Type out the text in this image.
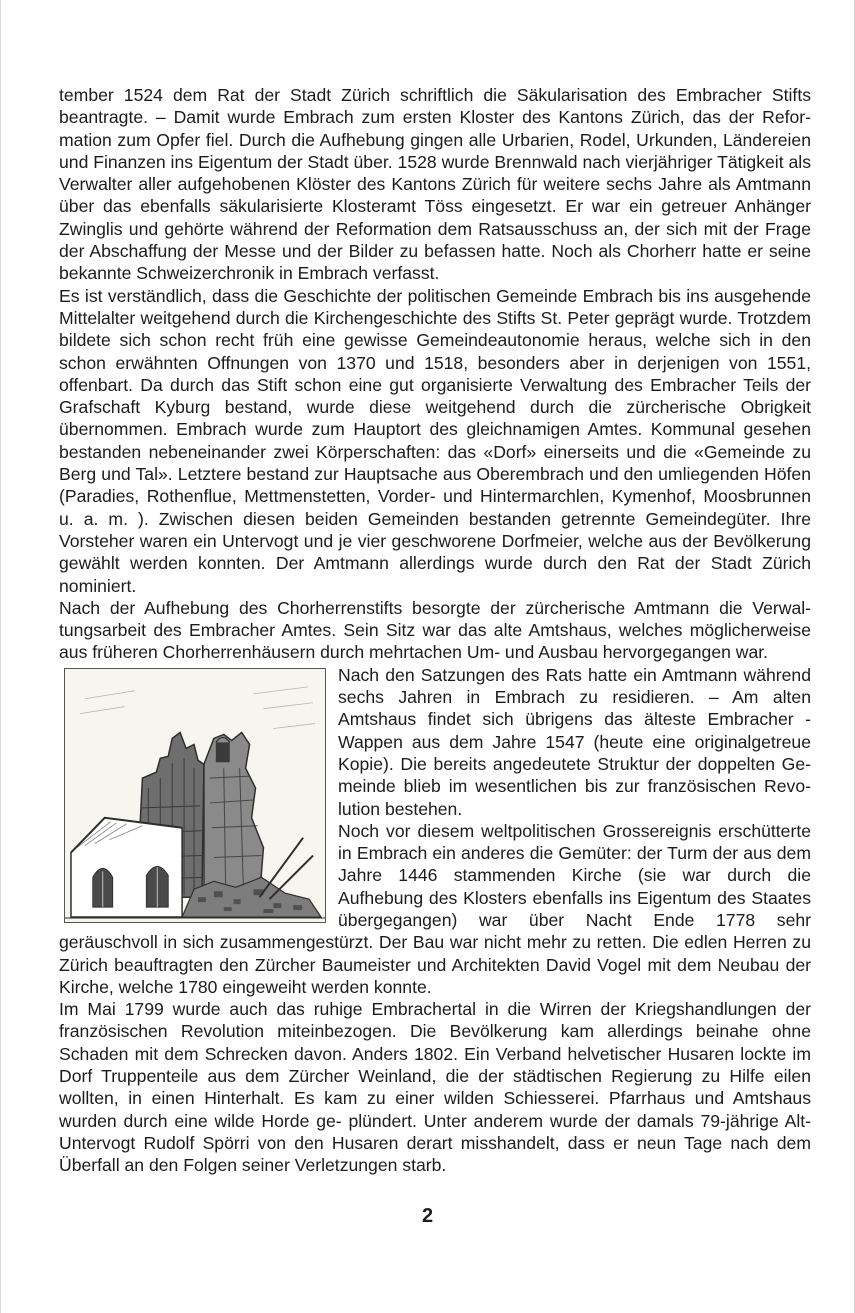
tember 1524 dem Rat der Stadt Zürich schriftlich die Säkularisation des Embracher Stifts beantragte. – Damit wurde Embrach zum ersten Kloster des Kantons Zürich, das der Reformation zum Opfer fiel. Durch die Aufhebung gingen alle Urbarien, Rodel, Urkunden, Ländereien und Finanzen ins Eigentum der Stadt über. 1528 wurde Brennwald nach vierjähriger Tätigkeit als Verwalter aller aufgehobenen Klöster des Kantons Zürich für weitere sechs Jahre als Amtmann über das ebenfalls säkularisierte Klosteramt Töss eingesetzt. Er war ein getreuer Anhänger Zwinglis und gehörte während der Reformation dem Ratsausschuss an, der sich mit der Frage der Abschaffung der Messe und der Bilder zu befassen hatte. Noch als Chorherr hatte er seine bekannte Schweizerchronik in Embrach verfasst.

Es ist verständlich, dass die Geschichte der politischen Gemeinde Embrach bis ins ausgehende Mittelalter weitgehend durch die Kirchengeschichte des Stifts St. Peter geprägt wurde. Trotzdem bildete sich schon recht früh eine gewisse Gemeindeautonomie heraus, welche sich in den schon erwähnten Offnungen von 1370 und 1518, besonders aber in derjenigen von 1551, offenbart. Da durch das Stift schon eine gut organisierte Verwaltung des Embracher Teils der Grafschaft Kyburg bestand, wurde diese weitgehend durch die zürcherische Obrigkeit übernommen. Embrach wurde zum Hauptort des gleichnamigen Amtes. Kommunal gesehen bestanden nebeneinander zwei Körperschaften: das «Dorf» einerseits und die «Gemeinde zu Berg und Tal». Letztere bestand zur Hauptsache aus Oberembrach und den umliegenden Höfen (Paradies, Rothenflue, Mettmenstetten, Vorder- und Hintermarchlen, Kymenhof, Moosbrunnen u. a. m. ). Zwischen diesen beiden Gemeinden bestanden getrennte Gemeindegüter. Ihre Vorsteher waren ein Untervogt und je vier geschworene Dorfmeier, welche aus der Bevölkerung gewählt werden konnten. Der Amtmann allerdings wurde durch den Rat der Stadt Zürich nominiert.

Nach der Aufhebung des Chorherrenstifts besorgte der zürcherische Amtmann die Verwaltungsarbeit des Embracher Amtes. Sein Sitz war das alte Amtshaus, welches möglicherweise aus früheren Chorherrenhäusern durch mehrtachen Um- und Ausbau hervorgegangen war.

Nach den Satzungen des Rats hatte ein Amtmann während sechs Jahren in Embrach zu residieren. – Am alten Amtshaus findet sich übrigens das älteste Embracher - Wappen aus dem Jahre 1547 (heute eine originalgetreue Kopie). Die bereits angedeutete Struktur der doppelten Gemeinde blieb im wesentlichen bis zur französischen Revolution bestehen.

Noch vor diesem weltpolitischen Grossereignis erschütterte in Embrach ein anderes die Gemüter: der Turm der aus dem Jahre 1446 stammenden Kirche (sie war durch die Aufhebung des Klosters ebenfalls ins Eigentum des Staates übergegangen) war über Nacht Ende 1778 sehr geräuschvoll in sich zusammengestürzt. Der Bau war nicht mehr zu retten. Die edlen Herren zu Zürich beauftragten den Zürcher Baumeister und Architekten David Vogel mit dem Neubau der Kirche, welche 1780 eingeweiht werden konnte.

Im Mai 1799 wurde auch das ruhige Embrachertal in die Wirren der Kriegshandlungen der französischen Revolution miteinbezogen. Die Bevölkerung kam allerdings beinahe ohne Schaden mit dem Schrecken davon. Anders 1802. Ein Verband helvetischer Husaren lockte im Dorf Truppenteile aus dem Zürcher Weinland, die der städtischen Regierung zu Hilfe eilen wollten, in einen Hinterhalt. Es kam zu einer wilden Schiesserei. Pfarrhaus und Amtshaus wurden durch eine wilde Horde ge- plündert. Unter anderem wurde der damals 79-jährige Alt-Untervogt Rudolf Spörri von den Husaren derart misshandelt, dass er neun Tage nach dem Überfall an den Folgen seiner Verletzungen starb.

2
